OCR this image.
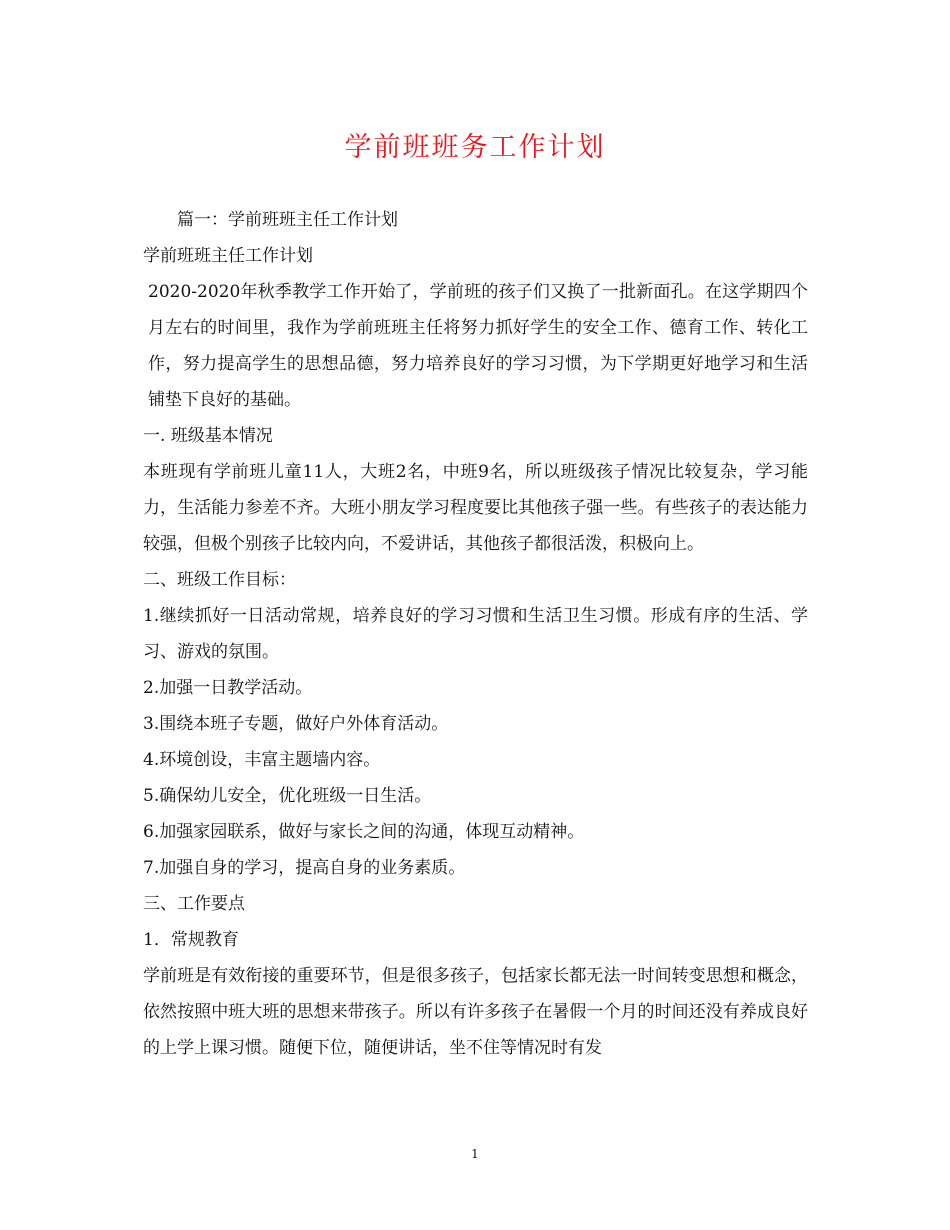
学前班班务工作计划

篇一：学前班班主任工作计划

学前班班主任工作计划

2020-2020年秋季教学工作开始了，学前班的孩子们又换了一批新面孔。在这学期四个月左右的时间里，我作为学前班班主任将努力抓好学生的安全工作、德育工作、转化工作，努力提高学生的思想品德，努力培养良好的学习习惯，为下学期更好地学习和生活铺垫下良好的基础。

一. 班级基本情况

本班现有学前班儿童11人，大班2名，中班9名，所以班级孩子情况比较复杂，学习能力，生活能力参差不齐。大班小朋友学习程度要比其他孩子强一些。有些孩子的表达能力较强，但极个别孩子比较内向，不爱讲话，其他孩子都很活泼，积极向上。

二、班级工作目标：

1.继续抓好一日活动常规，培养良好的学习习惯和生活卫生习惯。形成有序的生活、学习、游戏的氛围。

2.加强一日教学活动。

3.围绕本班子专题，做好户外体育活动。

4.环境创设，丰富主题墙内容。

5.确保幼儿安全，优化班级一日生活。

6.加强家园联系，做好与家长之间的沟通，体现互动精神。

7.加强自身的学习，提高自身的业务素质。

三、工作要点

1．常规教育

学前班是有效衔接的重要环节，但是很多孩子，包括家长都无法一时间转变思想和概念，依然按照中班大班的思想来带孩子。所以有许多孩子在暑假一个月的时间还没有养成良好的上学上课习惯。随便下位，随便讲话，坐不住等情况时有发

1
